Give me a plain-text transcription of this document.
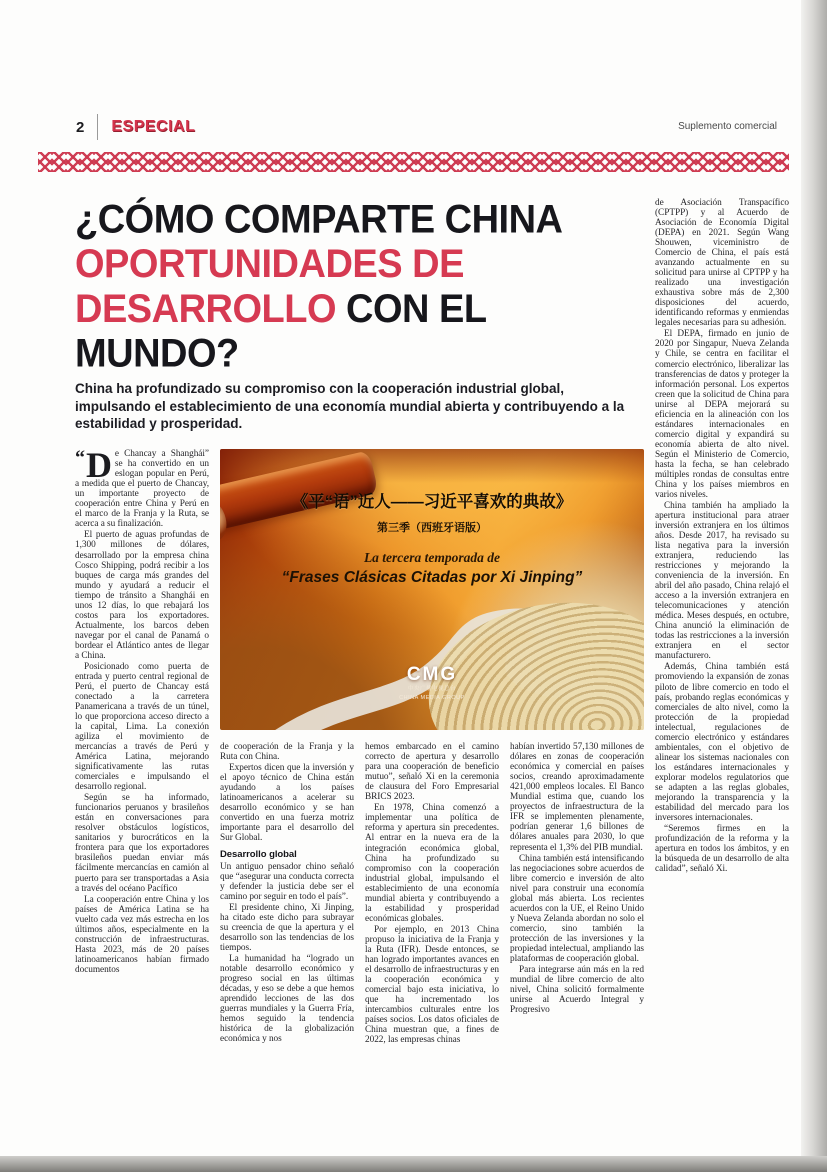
2 ESPECIAL	Suplemento comercial
¿CÓMO COMPARTE CHINA
OPORTUNIDADES DE
DESARROLLO CON EL MUNDO?

China ha profundizado su compromiso con la cooperación industrial global, impulsando el establecimiento de una economía mundial abierta y contribuyendo a la estabilidad y prosperidad.

“ D e Chancay a Shanghái” se ha convertido en un eslogan popular en Perú, a medida que el puerto de Chancay, un importante proyecto de cooperación entre China y Perú en el marco de la Franja y la Ruta, se acerca a su finalización.

El puerto de aguas profundas de 1,300 millones de dólares, desarrollado por la empresa china Cosco Shipping, podrá recibir a los buques de carga más grandes del mundo y ayudará a reducir el tiempo de tránsito a Shanghái en unos 12 días, lo que rebajará los costos para los exportadores. Actualmente, los barcos deben navegar por el canal de Panamá o bordear el Atlántico antes de llegar a China.

Posicionado como puerta de entrada y puerto central regional de Perú, el puerto de Chancay está conectado a la carretera Panamericana a través de un túnel, lo que proporciona acceso directo a la capital, Lima. La conexión agiliza el movimiento de mercancías a través de Perú y América Latina, mejorando significativamente las rutas comerciales e impulsando el desarrollo regional.

Según se ha informado, funcionarios peruanos y brasileños están en conversaciones para resolver obstáculos logísticos, sanitarios y burocráticos en la frontera para que los exportadores brasileños puedan enviar más fácilmente mercancías en camión al puerto para ser transportadas a Asia a través del océano Pacífico

La cooperación entre China y los países de América Latina se ha vuelto cada vez más estrecha en los últimos años, especialmente en la construcción de infraestructuras. Hasta 2023, más de 20 países latinoamericanos habían firmado documentos

《平“语”近人——习近平喜欢的典故》
第三季（西班牙语版）
La tercera temporada de
“Frases Clásicas Citadas por Xi Jinping”
CMG
中央广播电视总台
CHINA MEDIA GROUP

de cooperación de la Franja y la Ruta con China.

Expertos dicen que la inversión y el apoyo técnico de China están ayudando a los países latinoamericanos a acelerar su desarrollo económico y se han convertido en una fuerza motriz importante para el desarrollo del Sur Global.

Desarrollo global

Un antiguo pensador chino señaló que “asegurar una conducta correcta y defender la justicia debe ser el camino por seguir en todo el país”.

El presidente chino, Xi Jinping, ha citado este dicho para subrayar su creencia de que la apertura y el desarrollo son las tendencias de los tiempos.

La humanidad ha “logrado un notable desarrollo económico y progreso social en las últimas décadas, y eso se debe a que hemos aprendido lecciones de las dos guerras mundiales y la Guerra Fría, hemos seguido la tendencia histórica de la globalización económica y nos

hemos embarcado en el camino correcto de apertura y desarrollo para una cooperación de beneficio mutuo”, señaló Xi en la ceremonia de clausura del Foro Empresarial BRICS 2023.

En 1978, China comenzó a implementar una política de reforma y apertura sin precedentes. Al entrar en la nueva era de la integración económica global, China ha profundizado su compromiso con la cooperación industrial global, impulsando el establecimiento de una economía mundial abierta y contribuyendo a la estabilidad y prosperidad económicas globales.

Por ejemplo, en 2013 China propuso la iniciativa de la Franja y la Ruta (IFR). Desde entonces, se han logrado importantes avances en el desarrollo de infraestructuras y en la cooperación económica y comercial bajo esta iniciativa, lo que ha incrementado los intercambios culturales entre los países socios. Los datos oficiales de China muestran que, a fines de 2022, las empresas chinas

habían invertido 57,130 millones de dólares en zonas de cooperación económica y comercial en países socios, creando aproximadamente 421,000 empleos locales. El Banco Mundial estima que, cuando los proyectos de infraestructura de la IFR se implementen plenamente, podrían generar 1,6 billones de dólares anuales para 2030, lo que representa el 1,3% del PIB mundial.

China también está intensificando las negociaciones sobre acuerdos de libre comercio e inversión de alto nivel para construir una economía global más abierta. Los recientes acuerdos con la UE, el Reino Unido y Nueva Zelanda abordan no solo el comercio, sino también la protección de las inversiones y la propiedad intelectual, ampliando las plataformas de cooperación global.

Para integrarse aún más en la red mundial de libre comercio de alto nivel, China solicitó formalmente unirse al Acuerdo Integral y Progresivo

de Asociación Transpacífico (CPTPP) y al Acuerdo de Asociación de Economía Digital (DEPA) en 2021. Según Wang Shouwen, viceministro de Comercio de China, el país está avanzando actualmente en su solicitud para unirse al CPTPP y ha realizado una investigación exhaustiva sobre más de 2,300 disposiciones del acuerdo, identificando reformas y enmiendas legales necesarias para su adhesión.

El DEPA, firmado en junio de 2020 por Singapur, Nueva Zelanda y Chile, se centra en facilitar el comercio electrónico, liberalizar las transferencias de datos y proteger la información personal. Los expertos creen que la solicitud de China para unirse al DEPA mejorará su eficiencia en la alineación con los estándares internacionales en comercio digital y expandirá su economía abierta de alto nivel. Según el Ministerio de Comercio, hasta la fecha, se han celebrado múltiples rondas de consultas entre China y los países miembros en varios niveles.

China también ha ampliado la apertura institucional para atraer inversión extranjera en los últimos años. Desde 2017, ha revisado su lista negativa para la inversión extranjera, reduciendo las restricciones y mejorando la conveniencia de la inversión. En abril del año pasado, China relajó el acceso a la inversión extranjera en telecomunicaciones y atención médica. Meses después, en octubre, China anunció la eliminación de todas las restricciones a la inversión extranjera en el sector manufacturero.

Además, China también está promoviendo la expansión de zonas piloto de libre comercio en todo el país, probando reglas económicas y comerciales de alto nivel, como la protección de la propiedad intelectual, regulaciones de comercio electrónico y estándares ambientales, con el objetivo de alinear los sistemas nacionales con los estándares internacionales y explorar modelos regulatorios que se adapten a las reglas globales, mejorando la transparencia y la estabilidad del mercado para los inversores internacionales.

“Seremos firmes en la profundización de la reforma y la apertura en todos los ámbitos, y en la búsqueda de un desarrollo de alta calidad”, señaló Xi.
